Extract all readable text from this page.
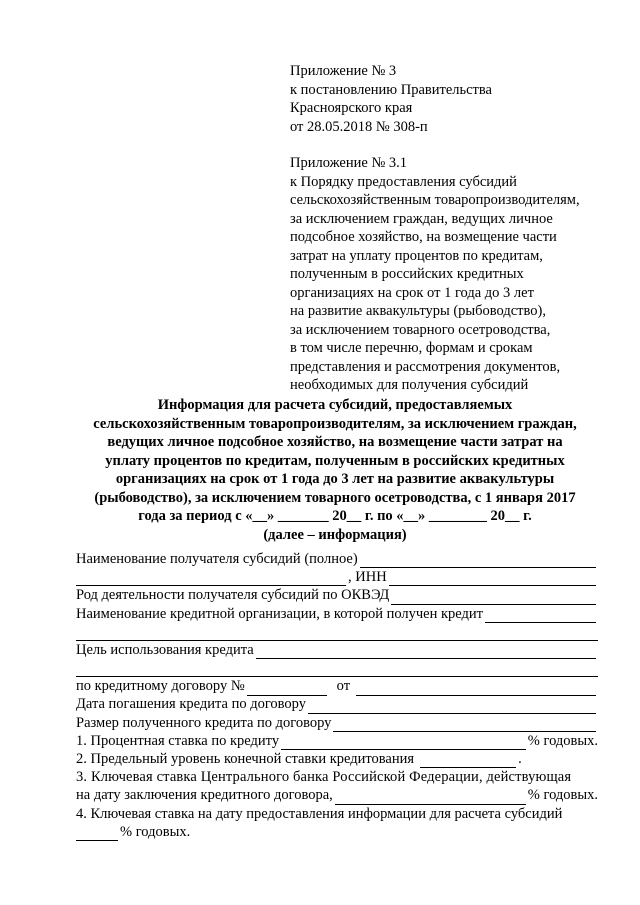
Приложение № 3
к постановлению Правительства
Красноярского края
от 28.05.2018 № 308-п
Приложение № 3.1
к Порядку предоставления субсидий
сельскохозяйственным товаропроизводителям,
за исключением граждан, ведущих личное
подсобное хозяйство, на возмещение части
затрат на уплату процентов по кредитам,
полученным в российских кредитных
организациях на срок от 1 года до 3 лет
на развитие аквакультуры (рыбоводство),
за исключением товарного осетроводства,
в том числе перечню, формам и срокам
представления и рассмотрения документов,
необходимых для получения субсидий
Информация для расчета субсидий, предоставляемых
сельскохозяйственным товаропроизводителям, за исключением граждан,
ведущих личное подсобное хозяйство, на возмещение части затрат на
уплату процентов по кредитам, полученным в российских кредитных
организациях на срок от 1 года до 3 лет на развитие аквакультуры
(рыбоводство), за исключением товарного осетроводства, с 1 января 2017
года за период с «__» _______ 20__ г. по «__» ________ 20__ г.
(далее – информация)
Наименование получателя субсидий (полное)
, ИНН
Род деятельности получателя субсидий по ОКВЭД
Наименование кредитной организации, в которой получен кредит
Цель использования кредита
по кредитному договору №	от
Дата погашения кредита по договору
Размер полученного кредита по договору
1. Процентная ставка по кредиту	% годовых.
2. Предельный уровень конечной ставки кредитования	.
3. Ключевая ставка Центрального банка Российской Федерации, действующая
на дату заключения кредитного договора,	% годовых.
4. Ключевая ставка на дату предоставления информации для расчета субсидий
% годовых.
